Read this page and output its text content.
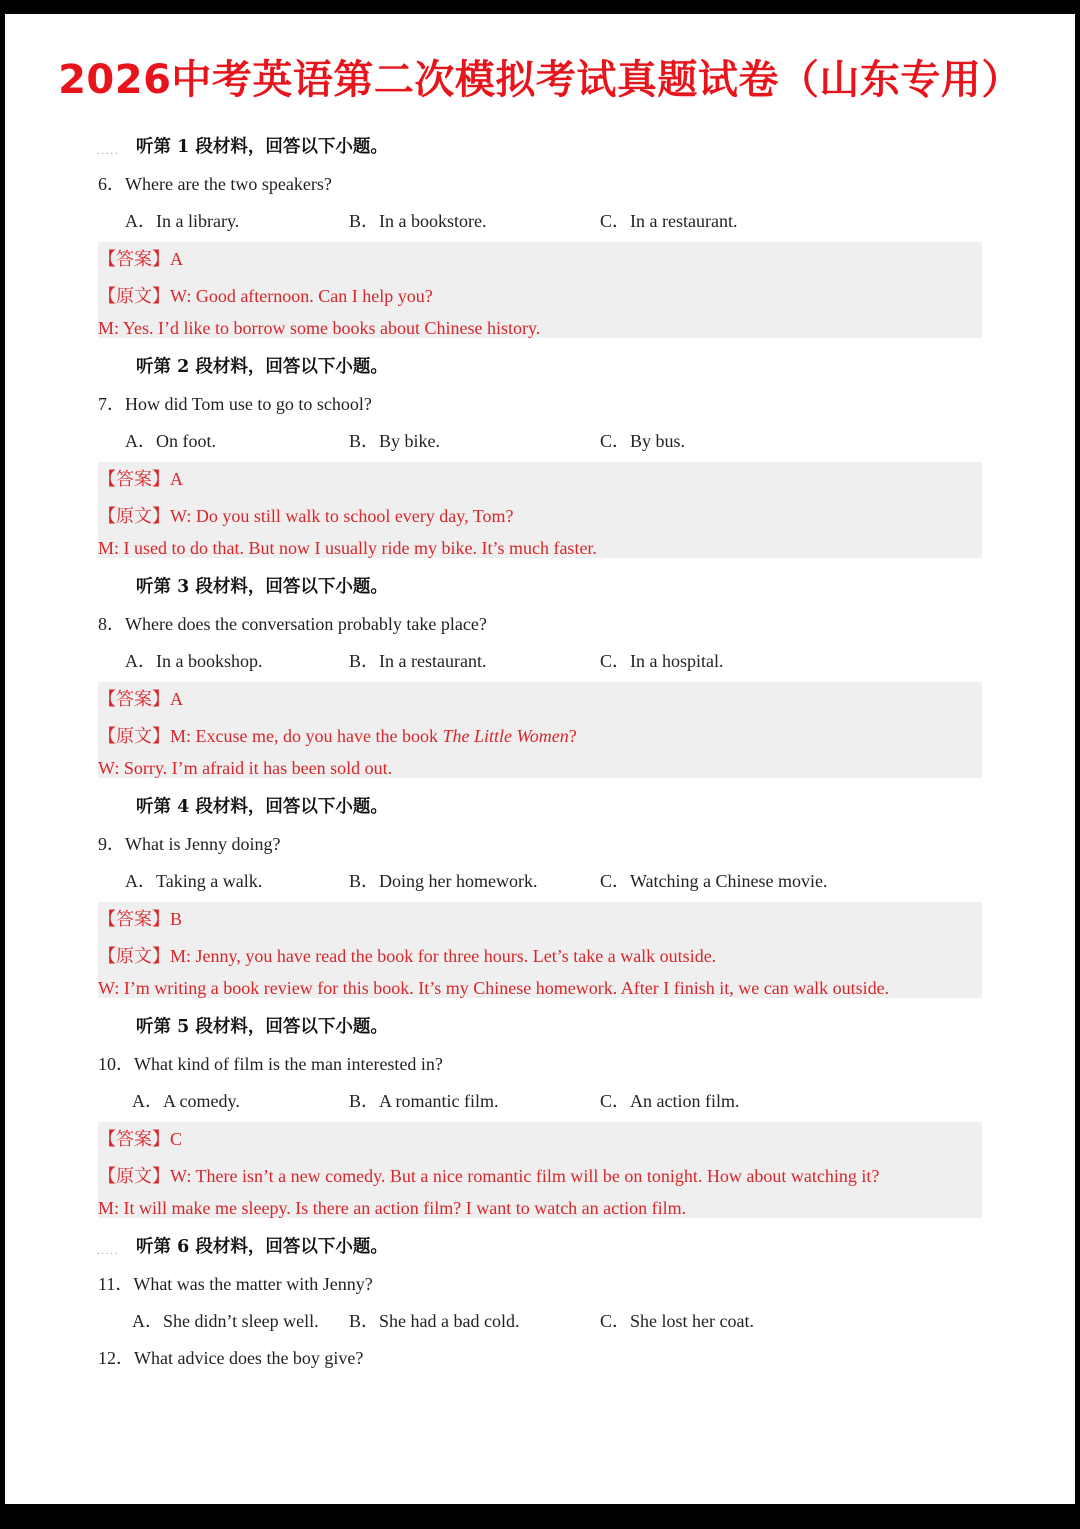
2026中考英语第二次模拟考试真题试卷（山东专用）
..... 听第 1 段材料，回答以下小题。
6．Where are the two speakers?
A．In a library.	B．In a bookstore.	C．In a restaurant.
【答案】A
【原文】W: Good afternoon. Can I help you?
M: Yes. I’d like to borrow some books about Chinese history.
听第 2 段材料，回答以下小题。
7．How did Tom use to go to school?
A．On foot.	B．By bike.	C．By bus.
【答案】A
【原文】W: Do you still walk to school every day, Tom?
M: I used to do that. But now I usually ride my bike. It’s much faster.
听第 3 段材料，回答以下小题。
8．Where does the conversation probably take place?
A．In a bookshop.	B．In a restaurant.	C．In a hospital.
【答案】A
【原文】M: Excuse me, do you have the book The Little Women?
W: Sorry. I’m afraid it has been sold out.
听第 4 段材料，回答以下小题。
9．What is Jenny doing?
A．Taking a walk.	B．Doing her homework.	C．Watching a Chinese movie.
【答案】B
【原文】M: Jenny, you have read the book for three hours. Let’s take a walk outside.
W: I’m writing a book review for this book. It’s my Chinese homework. After I finish it, we can walk outside.
听第 5 段材料，回答以下小题。
10．What kind of film is the man interested in?
A．A comedy.	B．A romantic film.	C．An action film.
【答案】C
【原文】W: There isn’t a new comedy. But a nice romantic film will be on tonight. How about watching it?
M: It will make me sleepy. Is there an action film? I want to watch an action film.
..... 听第 6 段材料，回答以下小题。
11．What was the matter with Jenny?
A．She didn’t sleep well. B．She had a bad cold.	C．She lost her coat.
12．What advice does the boy give?
